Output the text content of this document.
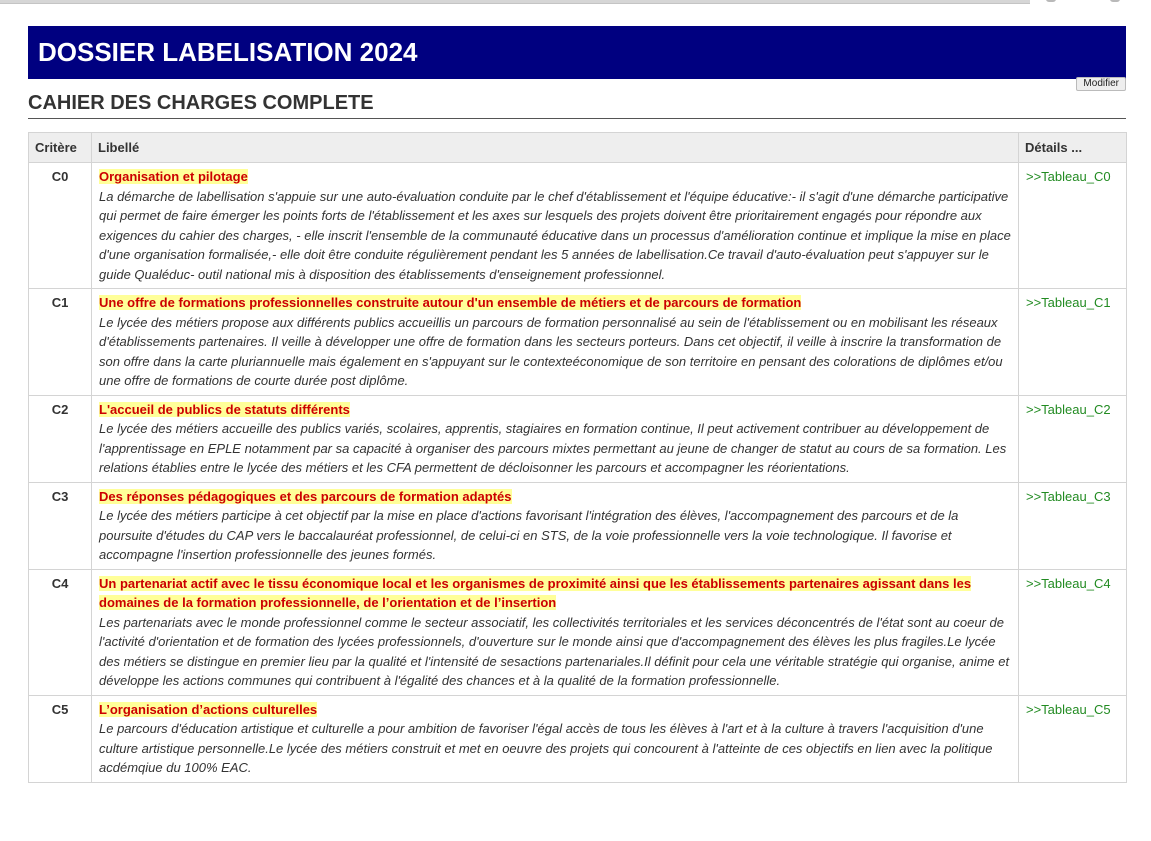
DOSSIER LABELISATION 2024
Modifier
CAHIER DES CHARGES COMPLETE
Critère	Libellé	Détails ...
C0	Organisation et pilotage
La démarche de labellisation s'appuie sur une auto-évaluation conduite par le chef d'établissement et l'équipe éducative:- il s'agit d'une démarche participative qui permet de faire émerger les points forts de l'établissement et les axes sur lesquels des projets doivent être prioritairement engagés pour répondre aux exigences du cahier des charges, - elle inscrit l'ensemble de la communauté éducative dans un processus d'amélioration continue et implique la mise en place d'une organisation formalisée,- elle doit être conduite régulièrement pendant les 5 années de labellisation.Ce travail d'auto-évaluation peut s'appuyer sur le guide Qualéduc- outil national mis à disposition des établissements d'enseignement professionnel.	>>Tableau_C0
C1	Une offre de formations professionnelles construite autour d'un ensemble de métiers et de parcours de formation
Le lycée des métiers propose aux différents publics accueillis un parcours de formation personnalisé au sein de l'établissement ou en mobilisant les réseaux d'établissements partenaires. Il veille à développer une offre de formation dans les secteurs porteurs. Dans cet objectif, il veille à inscrire la transformation de son offre dans la carte pluriannuelle mais également en s'appuyant sur le contexteéconomique de son territoire en pensant des colorations de diplômes et/ou une offre de formations de courte durée post diplôme.	>>Tableau_C1
C2	L'accueil de publics de statuts différents
Le lycée des métiers accueille des publics variés, scolaires, apprentis, stagiaires en formation continue, Il peut activement contribuer au développement de l'apprentissage en EPLE notamment par sa capacité à organiser des parcours mixtes permettant au jeune de changer de statut au cours de sa formation. Les relations établies entre le lycée des métiers et les CFA permettent de décloisonner les parcours et accompagner les réorientations.	>>Tableau_C2
C3	Des réponses pédagogiques et des parcours de formation adaptés
Le lycée des métiers participe à cet objectif par la mise en place d'actions favorisant l'intégration des élèves, l'accompagnement des parcours et de la poursuite d'études du CAP vers le baccalauréat professionnel, de celui-ci en STS, de la voie professionnelle vers la voie technologique. Il favorise et accompagne l'insertion professionnelle des jeunes formés.	>>Tableau_C3
C4	Un partenariat actif avec le tissu économique local et les organismes de proximité ainsi que les établissements partenaires agissant dans les domaines de la formation professionnelle, de l’orientation et de l’insertion
Les partenariats avec le monde professionnel comme le secteur associatif, les collectivités territoriales et les services déconcentrés de l'état sont au coeur de l'activité d'orientation et de formation des lycées professionnels, d'ouverture sur le monde ainsi que d'accompagnement des élèves les plus fragiles.Le lycée des métiers se distingue en premier lieu par la qualité et l'intensité de sesactions partenariales.Il définit pour cela une véritable stratégie qui organise, anime et développe les actions communes qui contribuent à l'égalité des chances et à la qualité de la formation professionnelle.	>>Tableau_C4
C5	L’organisation d’actions culturelles
Le parcours d'éducation artistique et culturelle a pour ambition de favoriser l'égal accès de tous les élèves à l'art et à la culture à travers l'acquisition d'une culture artistique personnelle.Le lycée des métiers construit et met en oeuvre des projets qui concourent à l'atteinte de ces objectifs en lien avec la politique acdémqiue du 100% EAC.	>>Tableau_C5
